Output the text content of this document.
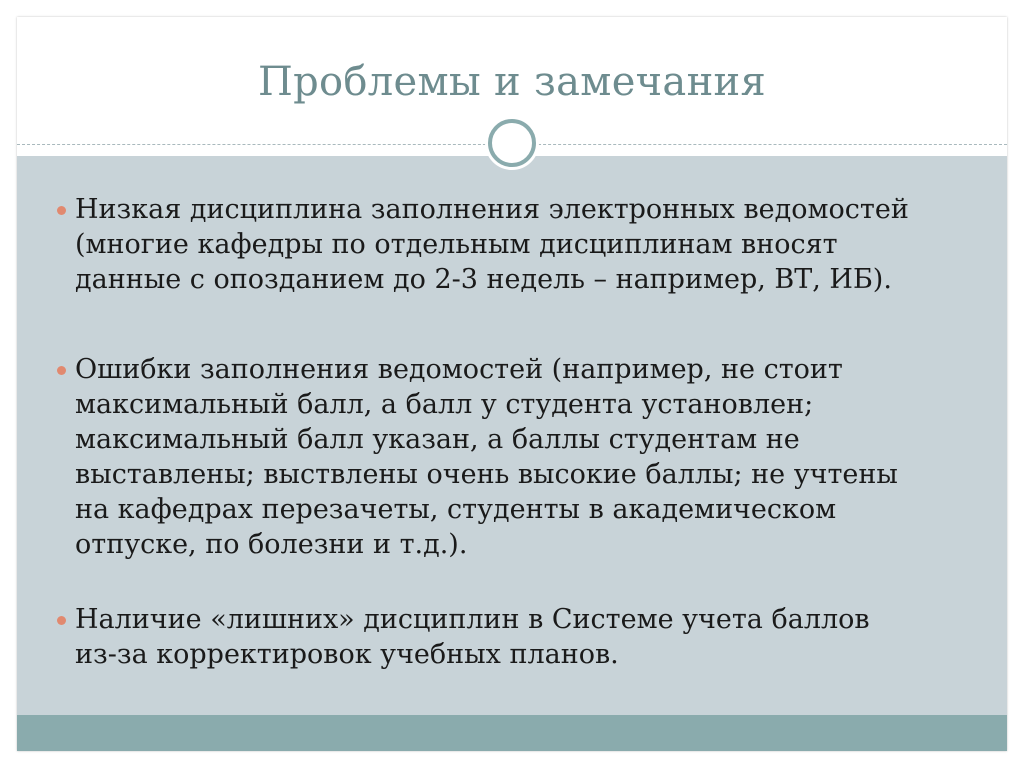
Проблемы и замечания
Низкая дисциплина заполнения электронных ведомостей
(многие кафедры по отдельным дисциплинам вносят
данные с опозданием до 2-3 недель – например, ВТ, ИБ).
Ошибки заполнения ведомостей (например, не стоит
максимальный балл, а балл у студента установлен;
максимальный балл указан, а баллы студентам не
выставлены; выствлены очень высокие баллы; не учтены
на кафедрах перезачеты, студенты в академическом
отпуске, по болезни и т.д.).
Наличие «лишних» дисциплин в Системе учета баллов
из-за корректировок учебных планов.
